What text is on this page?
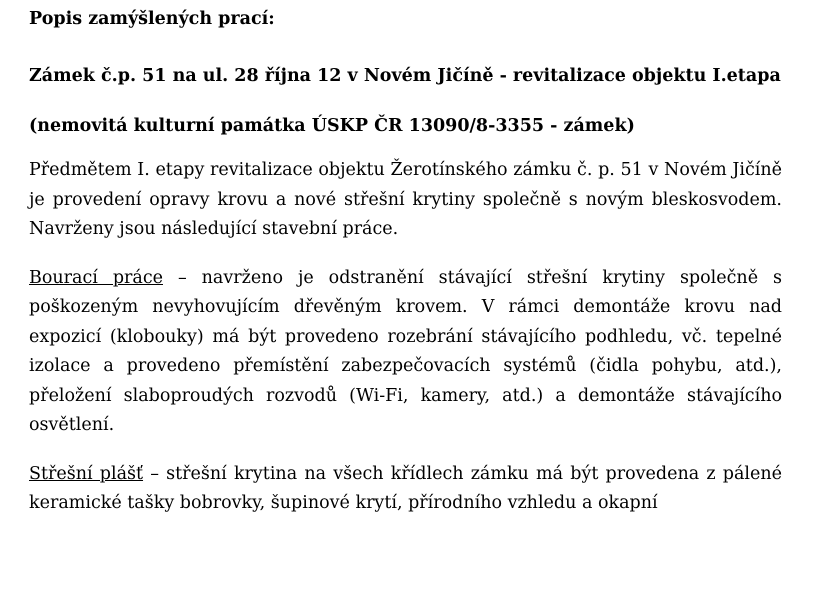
Popis zamýšlených prací:

Zámek č.p. 51 na ul. 28 října 12 v Novém Jičíně - revitalizace objektu I.etapa

(nemovitá kulturní památka ÚSKP ČR 13090/8-3355 - zámek)

Předmětem I. etapy revitalizace objektu Žerotínského zámku č. p. 51 v Novém Jičíně je provedení opravy krovu a nové střešní krytiny společně s novým bleskosvodem. Navrženy jsou následující stavební práce.

Bourací práce – navrženo je odstranění stávající střešní krytiny společně s poškozeným nevyhovujícím dřevěným krovem. V rámci demontáže krovu nad expozicí (klobouky) má být provedeno rozebrání stávajícího podhledu, vč. tepelné izolace a provedeno přemístění zabezpečovacích systémů (čidla pohybu, atd.), přeložení slaboproudých rozvodů (Wi-Fi, kamery, atd.) a demontáže stávajícího osvětlení.

Střešní plášť – střešní krytina na všech křídlech zámku má být provedena z pálené keramické tašky bobrovky, šupinové krytí, přírodního vzhledu a okapní
